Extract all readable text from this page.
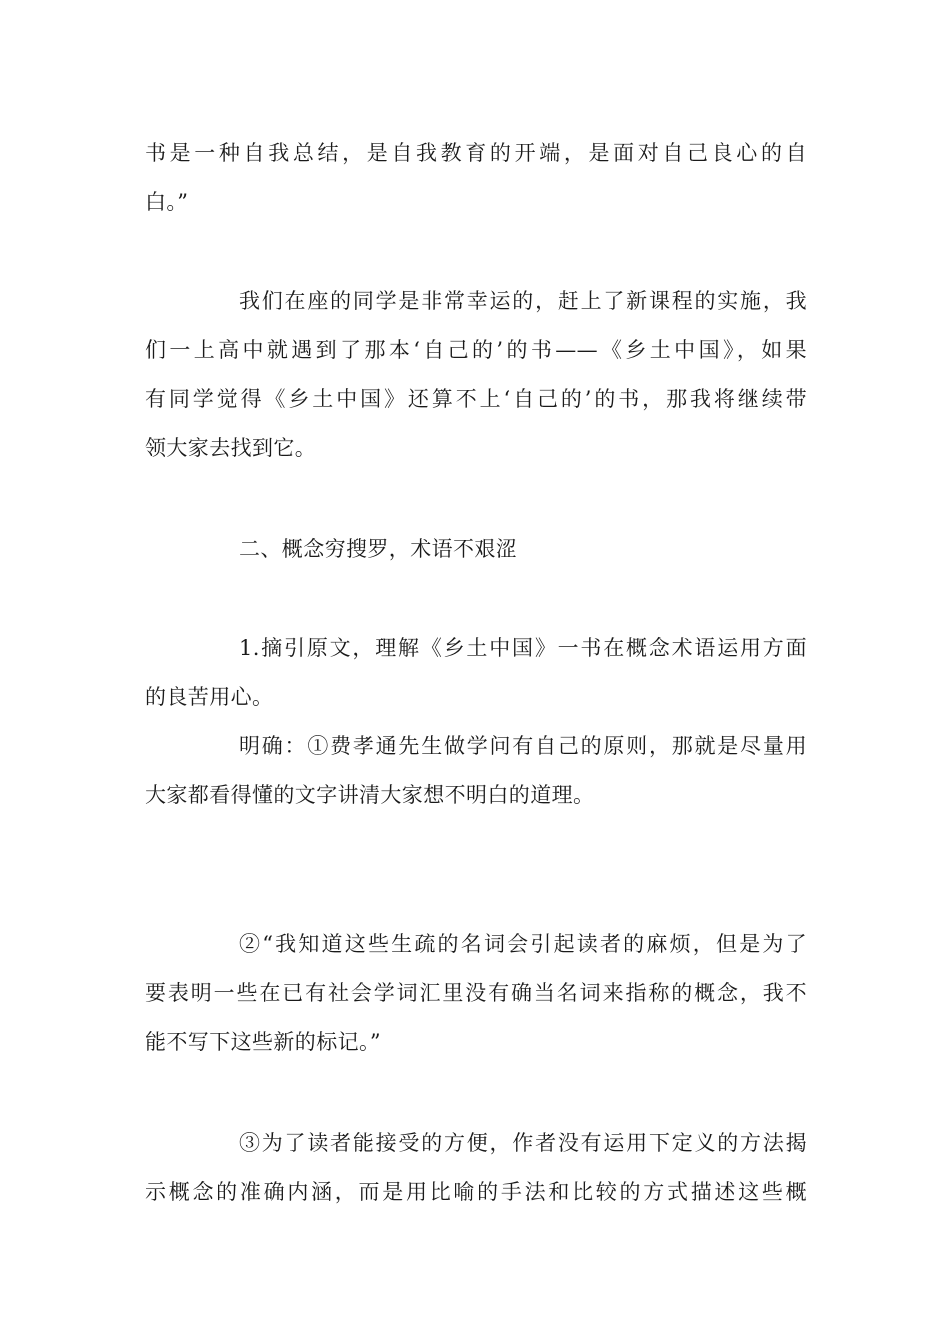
书是一种自我总结，是自我教育的开端，是面对自己良心的自
白。”
我们在座的同学是非常幸运的，赶上了新课程的实施，我
们一上高中就遇到了那本‘自己的’的书——《乡土中国》，如果
有同学觉得《乡土中国》还算不上‘自己的’的书，那我将继续带
领大家去找到它。
二、概念穷搜罗，术语不艰涩
1.摘引原文，理解《乡土中国》一书在概念术语运用方面
的良苦用心。
明确：①费孝通先生做学问有自己的原则，那就是尽量用
大家都看得懂的文字讲清大家想不明白的道理。
②“我知道这些生疏的名词会引起读者的麻烦，但是为了
要表明一些在已有社会学词汇里没有确当名词来指称的概念，我不
能不写下这些新的标记。”
③为了读者能接受的方便，作者没有运用下定义的方法揭
示概念的准确内涵，而是用比喻的手法和比较的方式描述这些概
